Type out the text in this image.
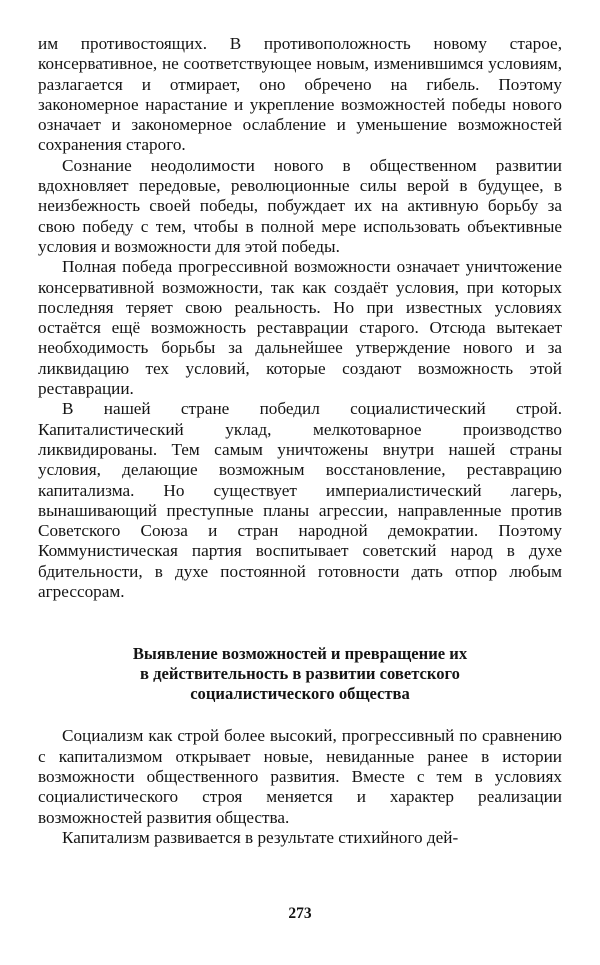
им противостоящих. В противоположность новому старое, консервативное, не соответствующее новым, изменившимся условиям, разлагается и отмирает, оно обречено на гибель. Поэтому закономерное нарастание и укрепление возможностей победы нового означает и закономерное ослабление и уменьшение возможностей сохранения старого.

Сознание неодолимости нового в общественном развитии вдохновляет передовые, революционные силы верой в будущее, в неизбежность своей победы, побуждает их на активную борьбу за свою победу с тем, чтобы в полной мере использовать объективные условия и возможности для этой победы.

Полная победа прогрессивной возможности означает уничтожение консервативной возможности, так как создаёт условия, при которых последняя теряет свою реальность. Но при известных условиях остаётся ещё возможность реставрации старого. Отсюда вытекает необходимость борьбы за дальнейшее утверждение нового и за ликвидацию тех условий, которые создают возможность этой реставрации.

В нашей стране победил социалистический строй. Капиталистический уклад, мелкотоварное производство ликвидированы. Тем самым уничтожены внутри нашей страны условия, делающие возможным восстановление, реставрацию капитализма. Но существует империалистический лагерь, вынашивающий преступные планы агрессии, направленные против Советского Союза и стран народной демократии. Поэтому Коммунистическая партия воспитывает советский народ в духе бдительности, в духе постоянной готовности дать отпор любым агрессорам.

Выявление возможностей и превращение их
в действительность в развитии советского
социалистического общества

Социализм как строй более высокий, прогрессивный по сравнению с капитализмом открывает новые, невиданные ранее в истории возможности общественного развития. Вместе с тем в условиях социалистического строя меняется и характер реализации возможностей развития общества.

Капитализм развивается в результате стихийного дей-

273
